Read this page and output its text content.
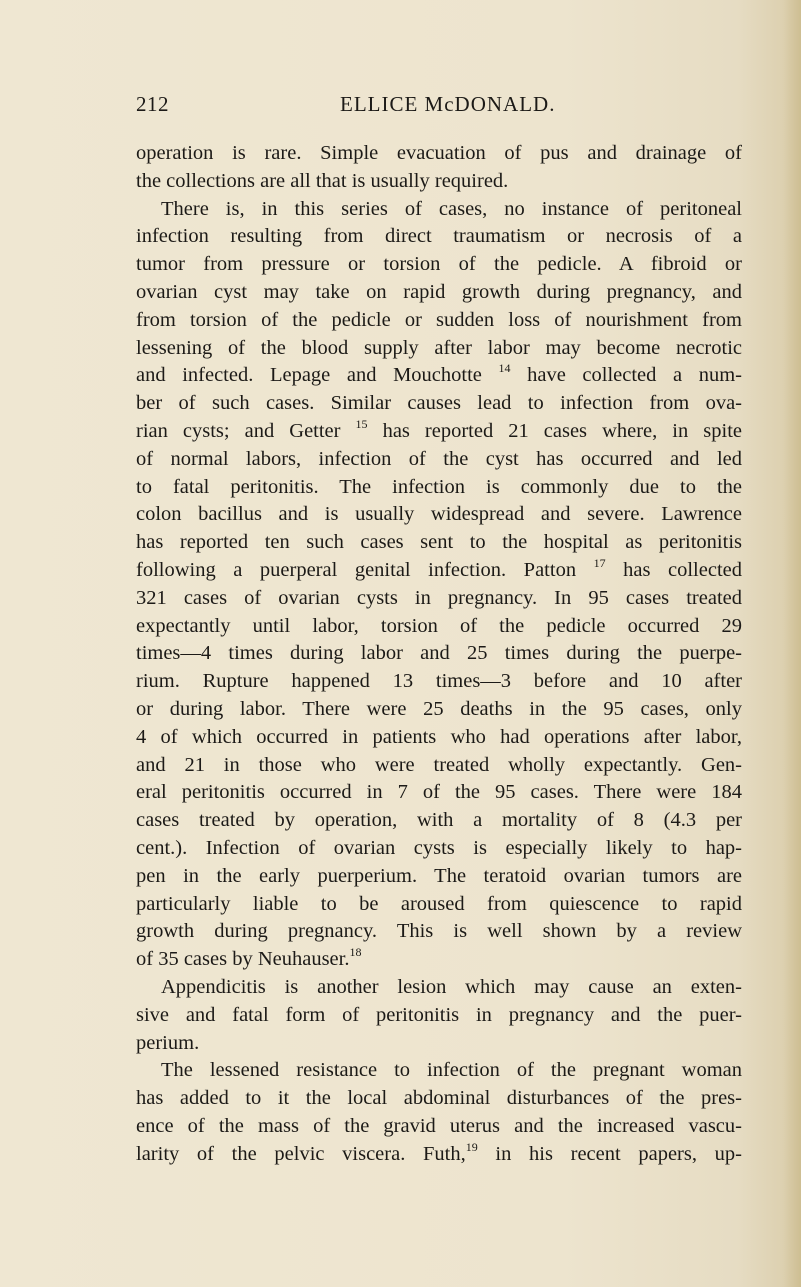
212	ELLICE McDONALD.
operation is rare. Simple evacuation of pus and drainage of
the collections are all that is usually required.
There is, in this series of cases, no instance of peritoneal
infection resulting from direct traumatism or necrosis of a
tumor from pressure or torsion of the pedicle. A fibroid or
ovarian cyst may take on rapid growth during pregnancy, and
from torsion of the pedicle or sudden loss of nourishment from
lessening of the blood supply after labor may become necrotic
and infected. Lepage and Mouchotte $^{14}$ have collected a num-
ber of such cases. Similar causes lead to infection from ova-
rian cysts; and Getter $^{15}$ has reported 21 cases where, in spite
of normal labors, infection of the cyst has occurred and led
to fatal peritonitis. The infection is commonly due to the
colon bacillus and is usually widespread and severe. Lawrence
has reported ten such cases sent to the hospital as peritonitis
following a puerperal genital infection. Patton $^{17}$ has collected
321 cases of ovarian cysts in pregnancy. In 95 cases treated
expectantly until labor, torsion of the pedicle occurred 29
times—4 times during labor and 25 times during the puerpe-
rium. Rupture happened 13 times—3 before and 10 after
or during labor. There were 25 deaths in the 95 cases, only
4 of which occurred in patients who had operations after labor,
and 21 in those who were treated wholly expectantly. Gen-
eral peritonitis occurred in 7 of the 95 cases. There were 184
cases treated by operation, with a mortality of 8 (4.3 per
cent.). Infection of ovarian cysts is especially likely to hap-
pen in the early puerperium. The teratoid ovarian tumors are
particularly liable to be aroused from quiescence to rapid
growth during pregnancy. This is well shown by a review
of 35 cases by Neuhauser.$^{18}$
Appendicitis is another lesion which may cause an exten-
sive and fatal form of peritonitis in pregnancy and the puer-
perium.
The lessened resistance to infection of the pregnant woman
has added to it the local abdominal disturbances of the pres-
ence of the mass of the gravid uterus and the increased vascu-
larity of the pelvic viscera. Futh,$^{19}$ in his recent papers, up-
